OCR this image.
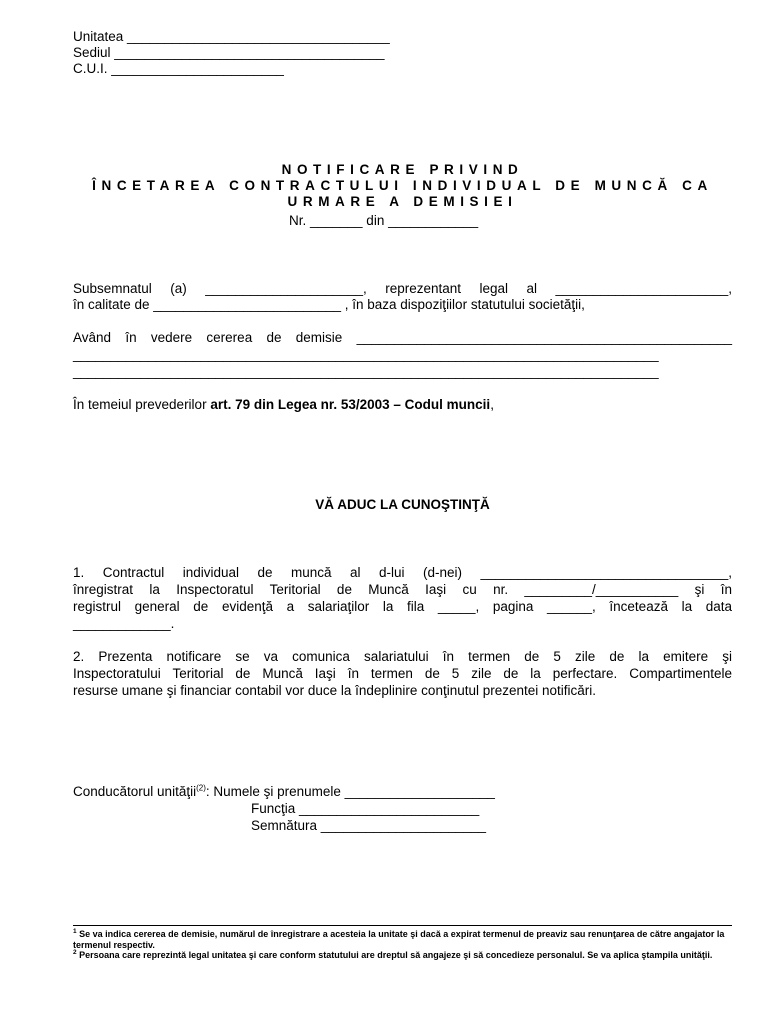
Unitatea ___________________________________
Sediul ____________________________________
C.U.I. _______________________
NOTIFICARE PRIVIND
ÎNCETAREA CONTRACTULUI INDIVIDUAL DE MUNCĂ CA
URMARE A DEMISIEI
Nr. _______ din ____________
Subsemnatul (a) _____________________, reprezentant legal al _______________________,
în calitate de _________________________ , în baza dispoziţiilor statutului societăţii,
Având în vedere cererea de demisie __________________________________________________
______________________________________________________________________________
______________________________________________________________________________
În temeiul prevederilor art. 79 din Legea nr. 53/2003 – Codul muncii,
VĂ ADUC LA CUNOŞTINŢĂ
1. Contractul individual de muncă al d-lui (d-nei) _________________________________,
înregistrat la Inspectoratul Teritorial de Muncă Iaşi cu nr. _________/___________ şi în
registrul general de evidenţă a salariaţilor la fila _____, pagina ______, încetează la data
_____________.
2. Prezenta notificare se va comunica salariatului în termen de 5 zile de la emitere şi
Inspectoratului Teritorial de Muncă Iaşi în termen de 5 zile de la perfectare. Compartimentele
resurse umane şi financiar contabil vor duce la îndeplinire conţinutul prezentei notificări.
Conducătorul unităţii$^{(2)}$: Numele şi prenumele ____________________
Funcţia ________________________
Semnătura ______________________
$^1$ Se va indica cererea de demisie, numărul de înregistrare a acesteia la unitate şi dacă a expirat termenul de preaviz sau renunţarea de către angajator la termenul respectiv.
$^2$ Persoana care reprezintă legal unitatea şi care conform statutului are dreptul să angajeze şi să concedieze personalul. Se va aplica ştampila unităţii.
